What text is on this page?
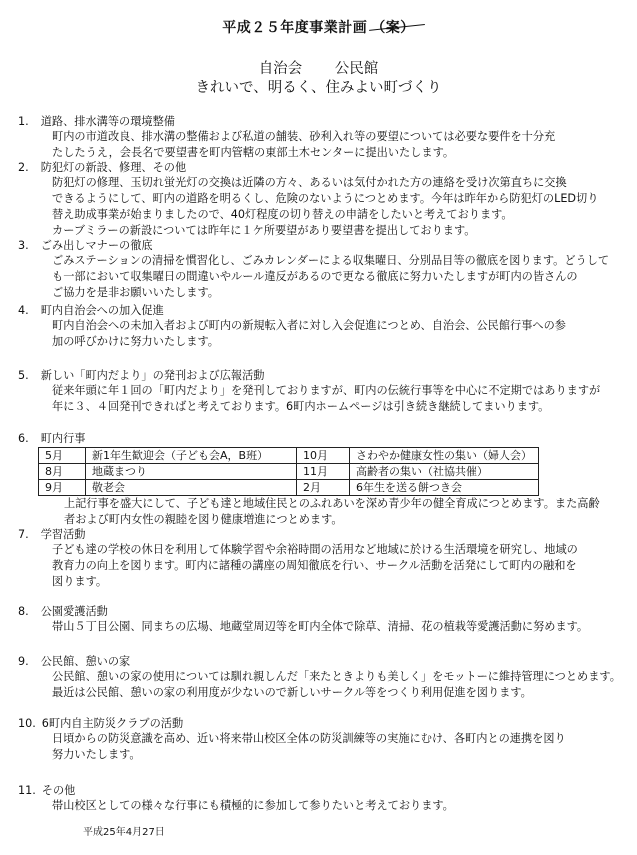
平成２５年度事業計画 （案）
自治会 公民館
きれいで、明るく、住みよい町づくり
1. 道路、排水溝等の環境整備

町内の市道改良、排水溝の整備および私道の舗装、砂利入れ等の要望については必要な要件を十分充

たしたうえ，会長名で要望書を町内管轄の東部土木センターに提出いたします。

2. 防犯灯の新設、修理、その他

防犯灯の修理、玉切れ蛍光灯の交換は近隣の方々、あるいは気付かれた方の連絡を受け次第直ちに交換

できるようにして、町内の道路を明るくし、危険のないようにつとめます。今年は昨年から防犯灯のLED切り

替え助成事業が始まりましたので、40灯程度の切り替えの申請をしたいと考えております。

カーブミラーの新設については昨年に１ケ所要望があり要望書を提出しております。

3. ごみ出しマナーの徹底

ごみステーションの清掃を慣習化し、ごみカレンダーによる収集曜日、分別品目等の徹底を図ります。どうして

も一部において収集曜日の間違いやルール違反があるので更なる徹底に努力いたしますが町内の皆さんの

ご協力を是非お願いいたします。

4. 町内自治会への加入促進

町内自治会への未加入者および町内の新規転入者に対し入会促進につとめ、自治会、公民館行事への参

加の呼びかけに努力いたします。

5. 新しい「町内だより」の発刊および広報活動

従来年頭に年１回の「町内だより」を発刊しておりますが、町内の伝統行事等を中心に不定期ではありますが

年に３、４回発刊できればと考えております。6町内ホームページは引き続き継続してまいります。

6. 町内行事
5月	新1年生歓迎会（子ども会A，B班）	10月	さわやか健康女性の集い（婦人会）
8月	地蔵まつり	11月	高齢者の集い（社協共催）
9月	敬老会	2月	6年生を送る餅つき会

上記行事を盛大にして、子ども達と地域住民とのふれあいを深め青少年の健全育成につとめます。また高齢

者および町内女性の親睦を図り健康増進につとめます。

7. 学習活動

子ども達の学校の休日を利用して体験学習や余裕時間の活用など地域に於ける生活環境を研究し、地域の

教育力の向上を図ります。町内に諸種の講座の周知徹底を行い、サークル活動を活発にして町内の融和を

図ります。

8. 公園愛護活動

帯山５丁目公園、同まちの広場、地蔵堂周辺等を町内全体で除草、清掃、花の植栽等愛護活動に努めます。

9. 公民館、憩いの家

公民館、憩いの家の使用については馴れ親しんだ「来たときよりも美しく」をモットーに維持管理につとめます。

最近は公民館、憩いの家の利用度が少ないので新しいサークル等をつくり利用促進を図ります。

10. 6町内自主防災クラブの活動

日頃からの防災意識を高め、近い将来帯山校区全体の防災訓練等の実施にむけ、各町内との連携を図り

努力いたします。

11. その他

帯山校区としての様々な行事にも積極的に参加して参りたいと考えております。

平成25年4月27日
